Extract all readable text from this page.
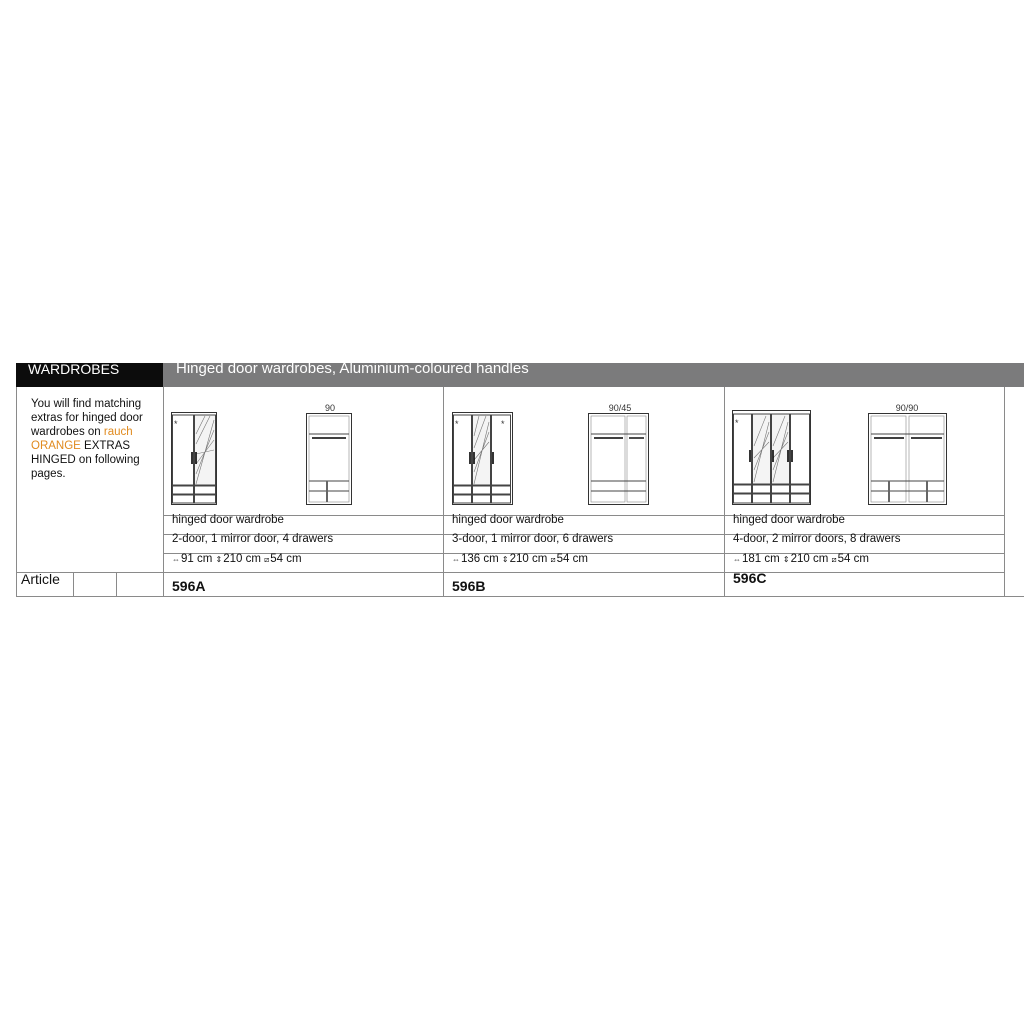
WARDROBES	Hinged door wardrobes, Aluminium-coloured handles
You will find matching extras for hinged door wardrobes on rauch ORANGE EXTRAS HINGED on following pages.
Article
*
90
hinged door wardrobe
2-door, 1 mirror door, 4 drawers
⇔91 cm ⇕210 cm ⧄54 cm
596A
*	*
90/45
hinged door wardrobe
3-door, 1 mirror door, 6 drawers
⇔136 cm ⇕210 cm ⧄54 cm
596B
*
90/90
hinged door wardrobe
4-door, 2 mirror doors, 8 drawers
⇔181 cm ⇕210 cm ⧄54 cm
596C
